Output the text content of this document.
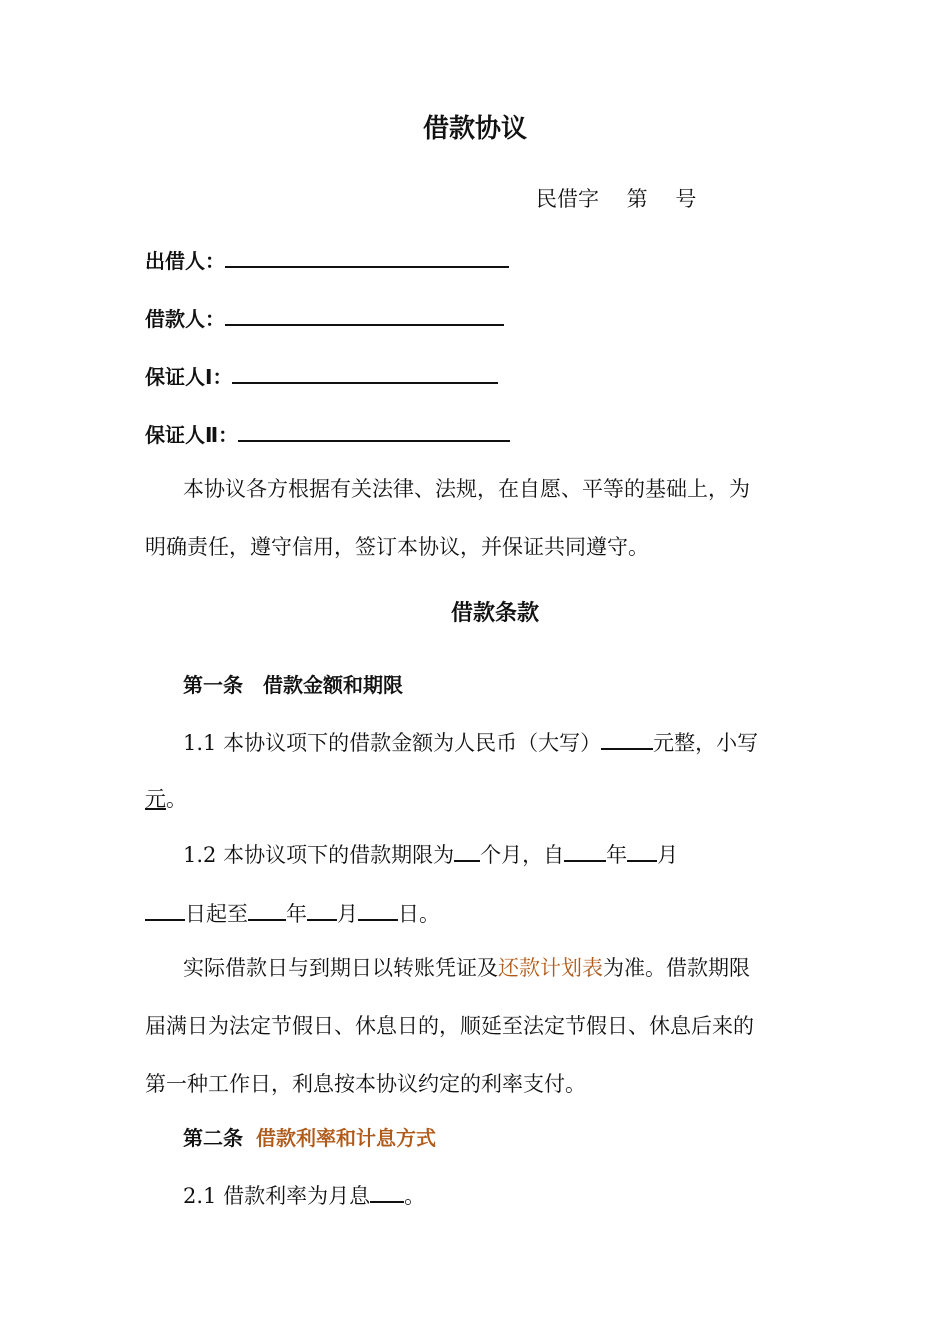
借款协议
民借字　 第　 号
出借人：
借款人：
保证人Ⅰ：
保证人Ⅱ：
本协议各方根据有关法律、法规，在自愿、平等的基础上，为
明确责任，遵守信用，签订本协议，并保证共同遵守。
借款条款
第一条　借款金额和期限
1.1 本协议项下的借款金额为人民币（大写） 元整，小写
元。
1.2 本协议项下的借款期限为 个月，自 年 月
日起至 年 月 日。
实际借款日与到期日以转账凭证及还款计划表为准。借款期限
届满日为法定节假日、休息日的，顺延至法定节假日、休息后来的
第一种工作日，利息按本协议约定的利率支付。
第二条 借款利率和计息方式
2.1 借款利率为月息 。
